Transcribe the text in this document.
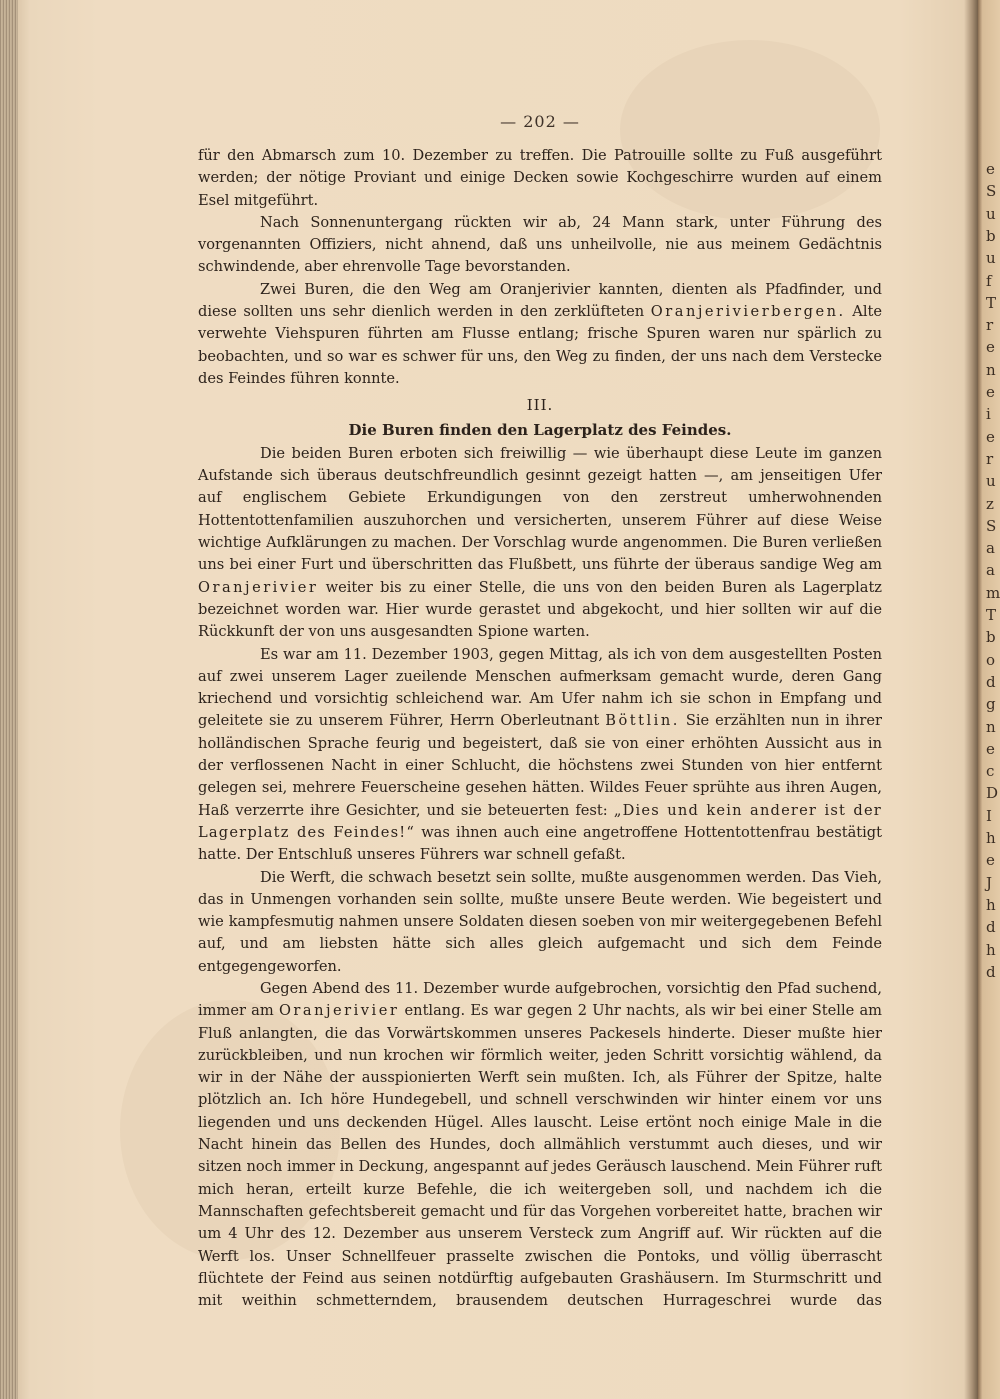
— 202 —

für den Abmarsch zum 10. Dezember zu treffen. Die Patrouille sollte zu Fuß ausgeführt werden; der nötige Proviant und einige Decken sowie Kochgeschirre wurden auf einem Esel mitgeführt.

Nach Sonnenuntergang rückten wir ab, 24 Mann stark, unter Führung des vorgenannten Offiziers, nicht ahnend, daß uns unheilvolle, nie aus meinem Gedächtnis schwindende, aber ehrenvolle Tage bevorstanden.

Zwei Buren, die den Weg am Oranjerivier kannten, dienten als Pfadfinder, und diese sollten uns sehr dienlich werden in den zerklüfteten Oranjerivierbergen. Alte verwehte Viehspuren führten am Flusse entlang; frische Spuren waren nur spärlich zu beobachten, und so war es schwer für uns, den Weg zu finden, der uns nach dem Verstecke des Feindes führen konnte.

III.
Die Buren finden den Lagerplatz des Feindes.

Die beiden Buren erboten sich freiwillig — wie überhaupt diese Leute im ganzen Aufstande sich überaus deutschfreundlich gesinnt gezeigt hatten —, am jenseitigen Ufer auf englischem Gebiete Erkundigungen von den zerstreut umherwohnenden Hottentottenfamilien auszuhorchen und versicherten, unserem Führer auf diese Weise wichtige Aufklärungen zu machen. Der Vorschlag wurde angenommen. Die Buren verließen uns bei einer Furt und überschritten das Flußbett, uns führte der überaus sandige Weg am Oranjerivier weiter bis zu einer Stelle, die uns von den beiden Buren als Lagerplatz bezeichnet worden war. Hier wurde gerastet und abgekocht, und hier sollten wir auf die Rückkunft der von uns ausgesandten Spione warten.

Es war am 11. Dezember 1903, gegen Mittag, als ich von dem ausgestellten Posten auf zwei unserem Lager zueilende Menschen aufmerksam gemacht wurde, deren Gang kriechend und vorsichtig schleichend war. Am Ufer nahm ich sie schon in Empfang und geleitete sie zu unserem Führer, Herrn Oberleutnant Böttlin. Sie erzählten nun in ihrer holländischen Sprache feurig und begeistert, daß sie von einer erhöhten Aussicht aus in der verflossenen Nacht in einer Schlucht, die höchstens zwei Stunden von hier entfernt gelegen sei, mehrere Feuerscheine gesehen hätten. Wildes Feuer sprühte aus ihren Augen, Haß verzerrte ihre Gesichter, und sie beteuerten fest: „Dies und kein anderer ist der Lagerplatz des Feindes!“ was ihnen auch eine angetroffene Hottentottenfrau bestätigt hatte. Der Entschluß unseres Führers war schnell gefaßt.

Die Werft, die schwach besetzt sein sollte, mußte ausgenommen werden. Das Vieh, das in Unmengen vorhanden sein sollte, mußte unsere Beute werden. Wie begeistert und wie kampfesmutig nahmen unsere Soldaten diesen soeben von mir weitergegebenen Befehl auf, und am liebsten hätte sich alles gleich aufgemacht und sich dem Feinde entgegengeworfen.

Gegen Abend des 11. Dezember wurde aufgebrochen, vorsichtig den Pfad suchend, immer am Oranjerivier entlang. Es war gegen 2 Uhr nachts, als wir bei einer Stelle am Fluß anlangten, die das Vorwärtskommen unseres Packesels hinderte. Dieser mußte hier zurückbleiben, und nun krochen wir förmlich weiter, jeden Schritt vorsichtig wählend, da wir in der Nähe der ausspionierten Werft sein mußten. Ich, als Führer der Spitze, halte plötzlich an. Ich höre Hundegebell, und schnell verschwinden wir hinter einem vor uns liegenden und uns deckenden Hügel. Alles lauscht. Leise ertönt noch einige Male in die Nacht hinein das Bellen des Hundes, doch allmählich verstummt auch dieses, und wir sitzen noch immer in Deckung, angespannt auf jedes Geräusch lauschend. Mein Führer ruft mich heran, erteilt kurze Befehle, die ich weitergeben soll, und nachdem ich die Mannschaften gefechtsbereit gemacht und für das Vorgehen vorbereitet hatte, brachen wir um 4 Uhr des 12. Dezember aus unserem Versteck zum Angriff auf. Wir rückten auf die Werft los. Unser Schnellfeuer prasselte zwischen die Pontoks, und völlig überrascht flüchtete der Feind aus seinen notdürftig aufgebauten Grashäusern. Im Sturmschritt und mit weithin schmetterndem, brausendem deutschen Hurrageschrei wurde das

e
S
u
b
u
f
T
r
e
n
e
i
e
r
u
z
S
a
a
m
T
b
o
d
g
n
e
c
D
I
h
e
J
h
d
h
d
